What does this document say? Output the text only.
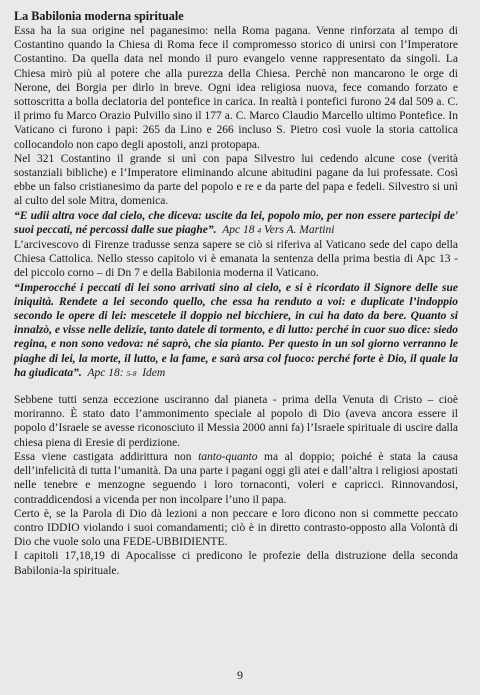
La Babilonia moderna spirituale

Essa ha la sua origine nel paganesimo: nella Roma pagana. Venne rinforzata al tempo di Costantino quando la Chiesa di Roma fece il compromesso storico di unirsi con l’Imperatore Costantino. Da quella data nel mondo il puro evangelo venne rappresentato da singoli. La Chiesa mirò più al potere che alla purezza della Chiesa. Perchè non mancarono le orge di Nerone, dei Borgia per dirlo in breve. Ogni idea religiosa nuova, fece comando forzato e sottoscritta a bolla declatoria del pontefice in carica. In realtà i pontefici furono 24 dal 509 a. C. il primo fu Marco Orazio Pulvillo sino il 177 a. C. Marco Claudio Marcello ultimo Pontefice. In Vaticano ci furono i papi: 265 da Lino e 266 incluso S. Pietro così vuole la storia cattolica collocandolo non capo degli apostoli, anzi protopapa.

Nel 321 Costantino il grande si unì con papa Silvestro lui cedendo alcune cose (verità sostanziali bibliche) e l’Imperatore eliminando alcune abitudini pagane da lui professate. Così ebbe un falso cristianesimo da parte del popolo e re e da parte del papa e fedeli. Silvestro si unì al culto del sole Mitra, domenica.

“E udii altra voce dal cielo, che diceva: uscite da lei, popolo mio, per non essere partecipi de' suoi peccati, né percossi dalle sue piaghe”. Apc 18 4 Vers A. Martini

L’arcivescovo di Firenze tradusse senza sapere se ciò si riferiva al Vaticano sede del capo della Chiesa Cattolica. Nello stesso capitolo vi è emanata la sentenza della prima bestia di Apc 13 - del piccolo corno – di Dn 7 e della Babilonia moderna il Vaticano.

“Imperocché i peccati di lei sono arrivati sino al cielo, e si è ricordato il Signore delle sue iniquità. Rendete a lei secondo quello, che essa ha renduto a voi: e duplicate l’indoppio secondo le opere di lei: mescetele il doppio nel bicchiere, in cui ha dato da bere. Quanto si innalzò, e visse nelle delizie, tanto datele di tormento, e di lutto: perché in cuor suo dice: siedo regina, e non sono vedova: né saprò, che sia pianto. Per questo in un sol giorno verranno le piaghe di lei, la morte, il lutto, e la fame, e sarà arsa col fuoco: perché forte è Dio, il quale la ha giudicata”. Apc 18: 5-8 Idem

Sebbene tutti senza eccezione usciranno dal pianeta - prima della Venuta di Cristo – cioè moriranno. È stato dato l’ammonimento speciale al popolo di Dio (aveva ancora essere il popolo d’Israele se avesse riconosciuto il Messia 2000 anni fa) l’Israele spirituale di uscire dalla chiesa piena di Eresie di perdizione.

Essa viene castigata addirittura non tanto-quanto ma al doppio; poiché è stata la causa dell’infelicità di tutta l’umanità. Da una parte i pagani oggi gli atei e dall’altra i religiosi apostati nelle tenebre e menzogne seguendo i loro tornaconti, voleri e capricci. Rinnovandosi, contraddicendosi a vicenda per non incolpare l’uno il papa.

Certo è, se la Parola di Dio dà lezioni a non peccare e loro dicono non si commette peccato contro IDDIO violando i suoi comandamenti; ciò è in diretto contrasto-opposto alla Volontà di Dio che vuole solo una FEDE-UBBIDIENTE.

I capitoli 17,18,19 di Apocalisse ci predicono le profezie della distruzione della seconda Babilonia-la spirituale.

9
